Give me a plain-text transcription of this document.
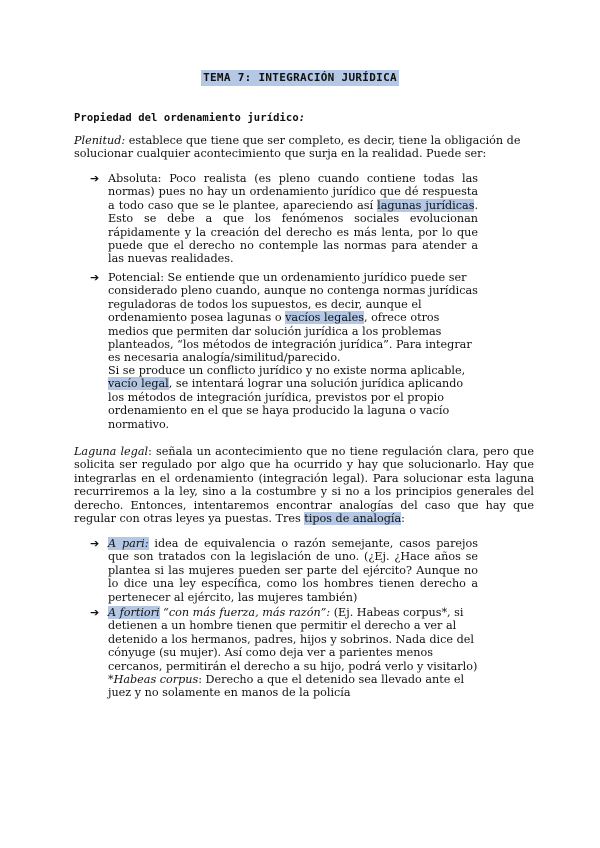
TEMA 7: INTEGRACIÓN JURÍDICA
Propiedad del ordenamiento jurídico:

Plenitud: establece que tiene que ser completo, es decir, tiene la obligación de solucionar cualquier acontecimiento que surja en la realidad. Puede ser:

➔ Absoluta: Poco realista (es pleno cuando contiene todas las normas) pues no hay un ordenamiento jurídico que dé respuesta a todo caso que se le plantee, apareciendo así lagunas jurídicas. Esto se debe a que los fenómenos sociales evolucionan rápidamente y la creación del derecho es más lenta, por lo que puede que el derecho no contemple las normas para atender a las nuevas realidades.

➔ Potencial: Se entiende que un ordenamiento jurídico puede ser considerado pleno cuando, aunque no contenga normas jurídicas reguladoras de todos los supuestos, es decir, aunque el ordenamiento posea lagunas o vacíos legales, ofrece otros medios que permiten dar solución jurídica a los problemas planteados, “los métodos de integración jurídica”. Para integrar es necesaria analogía/similitud/parecido.

Si se produce un conflicto jurídico y no existe norma aplicable, vacío legal, se intentará lograr una solución jurídica aplicando los métodos de integración jurídica, previstos por el propio ordenamiento en el que se haya producido la laguna o vacío normativo.

Laguna legal: señala un acontecimiento que no tiene regulación clara, pero que solicita ser regulado por algo que ha ocurrido y hay que solucionarlo. Hay que integrarlas en el ordenamiento (integración legal). Para solucionar esta laguna recurriremos a la ley, sino a la costumbre y si no a los principios generales del derecho. Entonces, intentaremos encontrar analogías del caso que hay que regular con otras leyes ya puestas. Tres tipos de analogía:

➔ A pari: idea de equivalencia o razón semejante, casos parejos que son tratados con la legislación de uno. (¿Ej. ¿Hace años se plantea si las mujeres pueden ser parte del ejército? Aunque no lo dice una ley específica, como los hombres tienen derecho a pertenecer al ejército, las mujeres también)

➔ A fortiori “con más fuerza, más razón”: (Ej. Habeas corpus*, si detienen a un hombre tienen que permitir el derecho a ver al detenido a los hermanos, padres, hijos y sobrinos. Nada dice del cónyuge (su mujer). Así como deja ver a parientes menos cercanos, permitirán el derecho a su hijo, podrá verlo y visitarlo)

*Habeas corpus: Derecho a que el detenido sea llevado ante el juez y no solamente en manos de la policía
